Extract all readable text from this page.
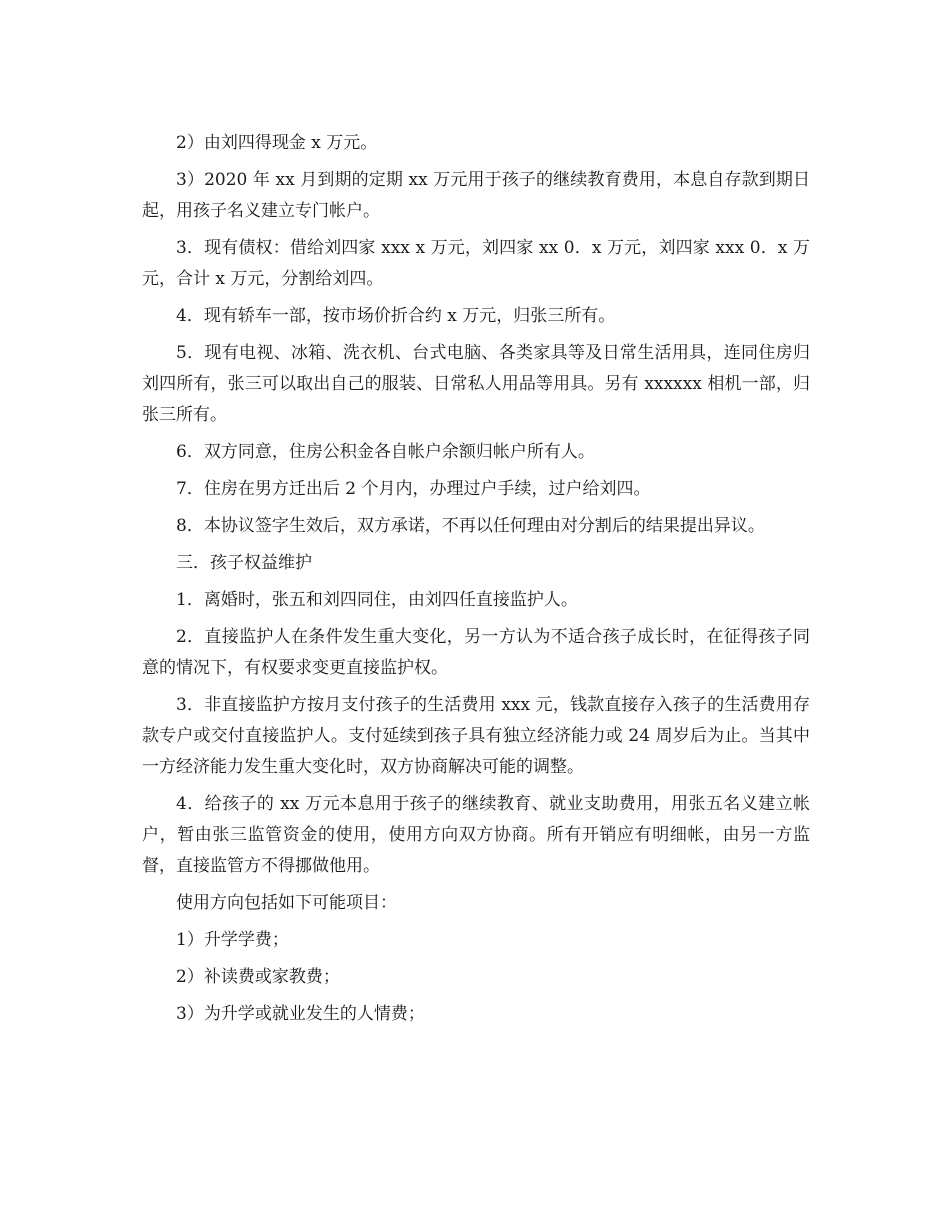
2）由刘四得现金 x 万元。

3）2020 年 xx 月到期的定期 xx 万元用于孩子的继续教育费用，本息自存款到期日起，用孩子名义建立专门帐户。

3．现有债权：借给刘四家 xxx x 万元，刘四家 xx 0．x 万元，刘四家 xxx 0．x 万元，合计 x 万元，分割给刘四。

4．现有轿车一部，按市场价折合约 x 万元，归张三所有。

5．现有电视、冰箱、洗衣机、台式电脑、各类家具等及日常生活用具，连同住房归刘四所有，张三可以取出自己的服装、日常私人用品等用具。另有 xxxxxx 相机一部，归张三所有。

6．双方同意，住房公积金各自帐户余额归帐户所有人。

7．住房在男方迁出后 2 个月内，办理过户手续，过户给刘四。

8．本协议签字生效后，双方承诺，不再以任何理由对分割后的结果提出异议。

三．孩子权益维护

1．离婚时，张五和刘四同住，由刘四任直接监护人。

2．直接监护人在条件发生重大变化，另一方认为不适合孩子成长时，在征得孩子同意的情况下，有权要求变更直接监护权。

3．非直接监护方按月支付孩子的生活费用 xxx 元，钱款直接存入孩子的生活费用存款专户或交付直接监护人。支付延续到孩子具有独立经济能力或 24 周岁后为止。当其中一方经济能力发生重大变化时，双方协商解决可能的调整。

4．给孩子的 xx 万元本息用于孩子的继续教育、就业支助费用，用张五名义建立帐户，暂由张三监管资金的使用，使用方向双方协商。所有开销应有明细帐，由另一方监督，直接监管方不得挪做他用。

使用方向包括如下可能项目：

1）升学学费；

2）补读费或家教费；

3）为升学或就业发生的人情费；
